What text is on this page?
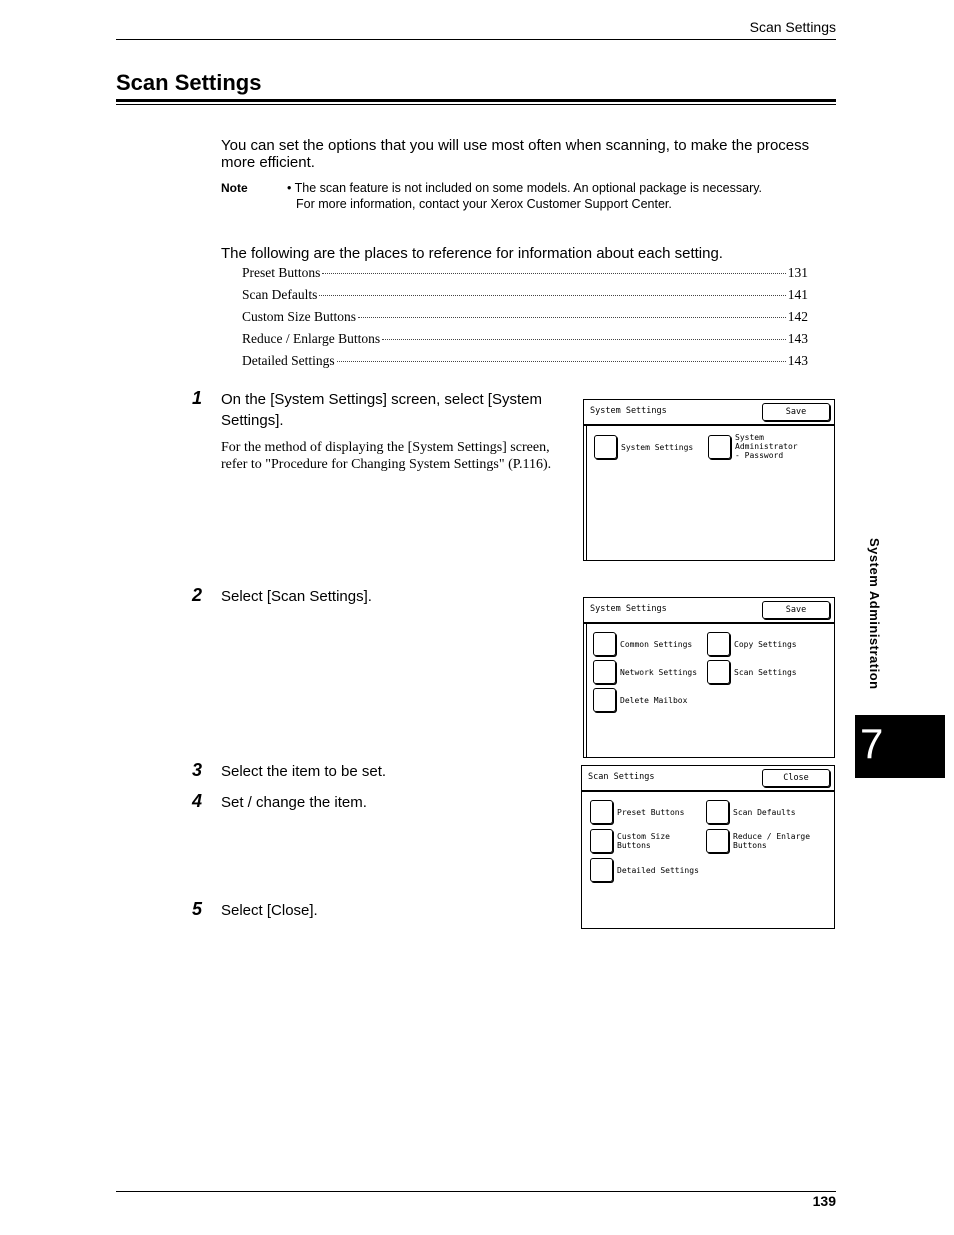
Scan Settings
Scan Settings
You can set the options that you will use most often when scanning, to make the process more efficient.
Note	• The scan feature is not included on some models. An optional package is necessary.
For more information, contact your Xerox Customer Support Center.
The following are the places to reference for information about each setting.
Preset Buttons	131
Scan Defaults	141
Custom Size Buttons	142
Reduce / Enlarge Buttons	143
Detailed Settings	143
1 On the [System Settings] screen, select [System Settings].
For the method of displaying the [System Settings] screen, refer to "Procedure for Changing System Settings" (P.116).
System Settings	Save
System Settings
System
Administrator
- Password
2 Select [Scan Settings].
System Settings	Save
Common Settings	Copy Settings
Network Settings	Scan Settings
Delete Mailbox
3 Select the item to be set.
4 Set / change the item.
Scan Settings	Close
Preset Buttons	Scan Defaults
Custom Size
Buttons
Reduce / Enlarge
Buttons
Detailed Settings
5 Select [Close].
System Administration
7
139
